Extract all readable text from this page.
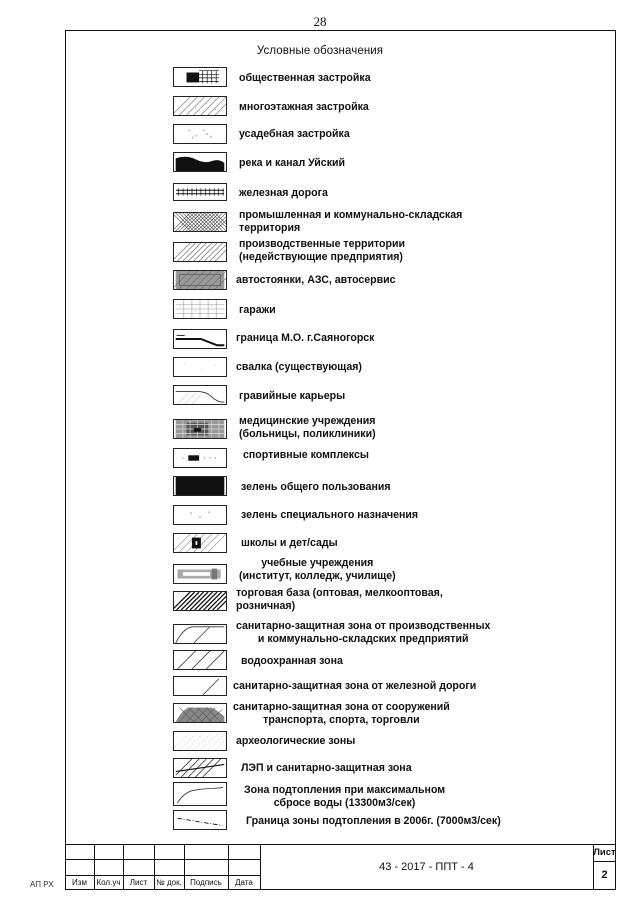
28
Условные обозначения
общественная застройка
многоэтажная застройка
усадебная застройка
река и канал Уйский
железная дорога
промышленная и коммунально-складская
территория
производственные территории
(недействующие предприятия)
автостоянки, АЗС, автосервис
гаражи
граница М.О. г.Саяногорск
свалка (существующая)
гравийные карьеры
медицинские учреждения
(больницы, поликлиники)
спортивные комплексы
зелень общего пользования
зелень специального назначения
школы и дет/сады
учебные учреждения
(институт, колледж, училище)
торговая база (оптовая, мелкооптовая,
розничная)
санитарно-защитная зона от производственных
и коммунально-складских предприятий
водоохранная зона
санитарно-защитная зона от железной дороги
санитарно-защитная зона от сооружений
транспорта, спорта, торговли
археологические зоны
ЛЭП и санитарно-защитная зона
Зона подтопления при максимальном
сбросе воды (13300м3/сек)
Граница зоны подтопления в 2006г. (7000м3/сек)
Изм	Кол.уч	Лист	№ док.	Подпись	Дата
43 - 2017 - ППТ - 4
Лист
2
АП РХ
